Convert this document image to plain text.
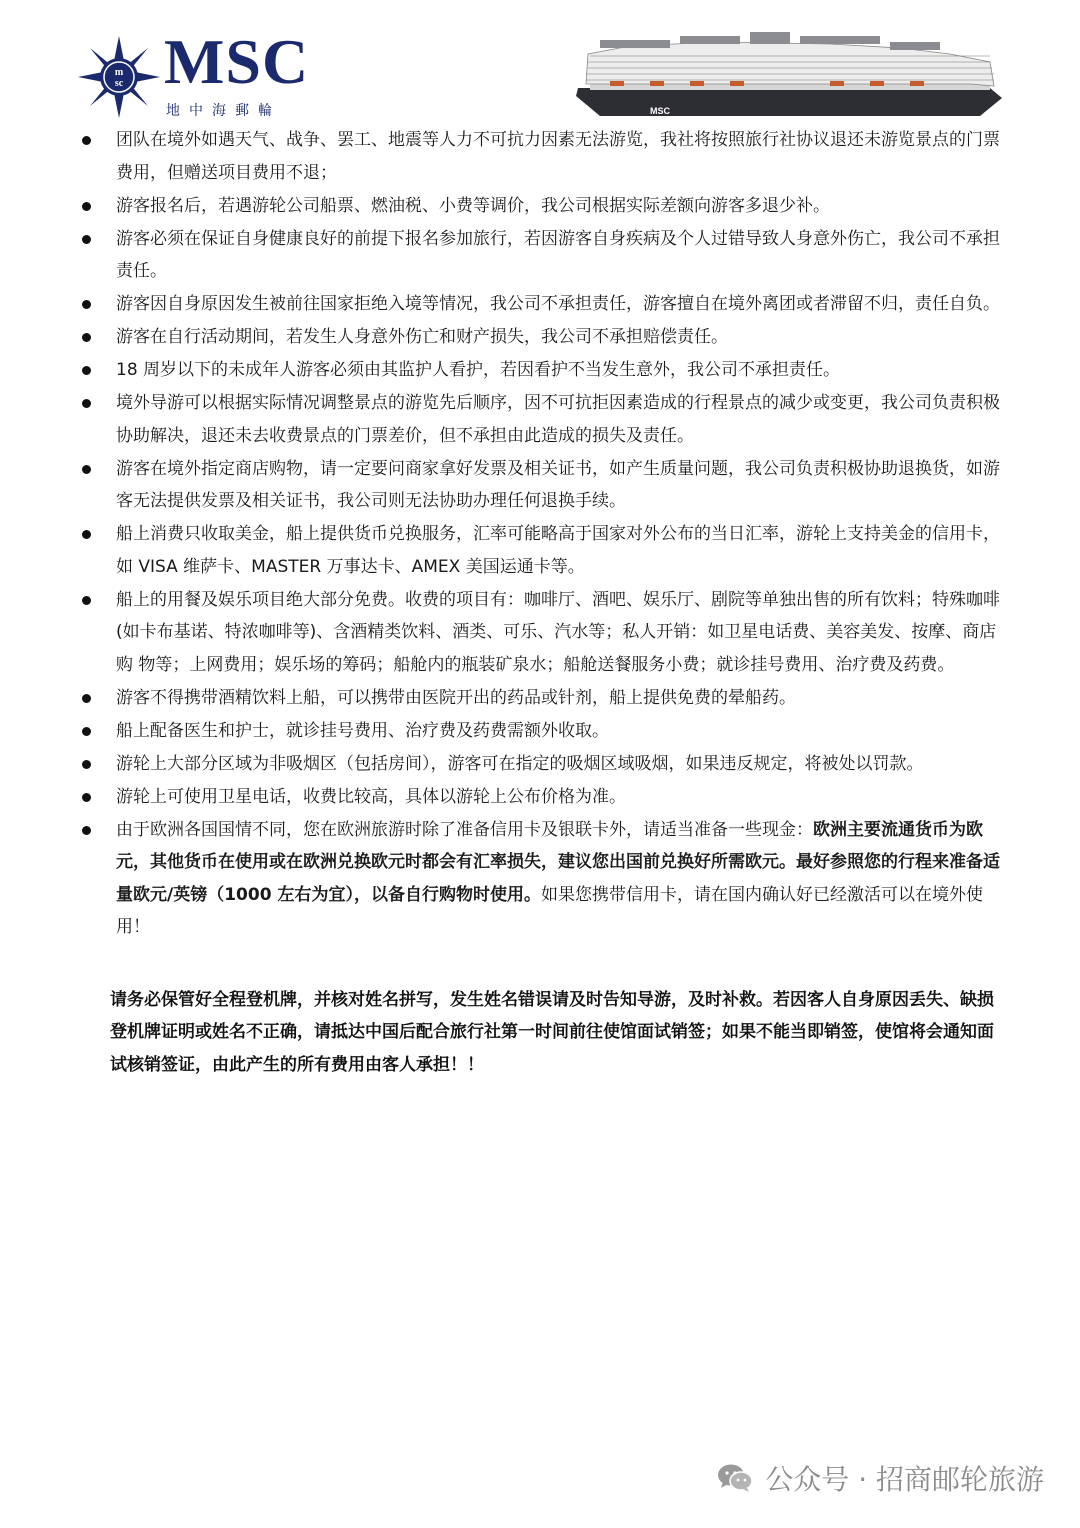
m
sc MSC
地中海郵輪	MSC
团队在境外如遇天气、战争、罢工、地震等人力不可抗力因素无法游览，我社将按照旅行社协议退还未游览景点的门票费用，但赠送项目费用不退；
游客报名后，若遇游轮公司船票、燃油税、小费等调价，我公司根据实际差额向游客多退少补。
游客必须在保证自身健康良好的前提下报名参加旅行，若因游客自身疾病及个人过错导致人身意外伤亡，我公司不承担责任。
游客因自身原因发生被前往国家拒绝入境等情况，我公司不承担责任，游客擅自在境外离团或者滞留不归，责任自负。
游客在自行活动期间，若发生人身意外伤亡和财产损失，我公司不承担赔偿责任。
18 周岁以下的未成年人游客必须由其监护人看护，若因看护不当发生意外，我公司不承担责任。
境外导游可以根据实际情况调整景点的游览先后顺序，因不可抗拒因素造成的行程景点的减少或变更，我公司负责积极协助解决，退还未去收费景点的门票差价，但不承担由此造成的损失及责任。
游客在境外指定商店购物，请一定要问商家拿好发票及相关证书，如产生质量问题，我公司负责积极协助退换货，如游客无法提供发票及相关证书，我公司则无法协助办理任何退换手续。
船上消费只收取美金，船上提供货币兑换服务，汇率可能略高于国家对外公布的当日汇率，游轮上支持美金的信用卡，如 VISA 维萨卡、MASTER 万事达卡、AMEX 美国运通卡等。
船上的用餐及娱乐项目绝大部分免费。收费的项目有：咖啡厅、酒吧、娱乐厅、剧院等单独出售的所有饮料；特殊咖啡(如卡布基诺、特浓咖啡等)、含酒精类饮料、酒类、可乐、汽水等；私人开销：如卫星电话费、美容美发、按摩、商店购 物等；上网费用；娱乐场的筹码；船舱内的瓶装矿泉水；船舱送餐服务小费；就诊挂号费用、治疗费及药费。
游客不得携带酒精饮料上船，可以携带由医院开出的药品或针剂，船上提供免费的晕船药。
船上配备医生和护士，就诊挂号费用、治疗费及药费需额外收取。
游轮上大部分区域为非吸烟区（包括房间），游客可在指定的吸烟区域吸烟，如果违反规定，将被处以罚款。
游轮上可使用卫星电话，收费比较高，具体以游轮上公布价格为准。
由于欧洲各国国情不同，您在欧洲旅游时除了准备信用卡及银联卡外，请适当准备一些现金：欧洲主要流通货币为欧元，其他货币在使用或在欧洲兑换欧元时都会有汇率损失，建议您出国前兑换好所需欧元。最好参照您的行程来准备适量欧元/英镑（1000 左右为宜），以备自行购物时使用。如果您携带信用卡，请在国内确认好已经激活可以在境外使用！
请务必保管好全程登机牌，并核对姓名拼写，发生姓名错误请及时告知导游，及时补救。若因客人自身原因丢失、缺损登机牌证明或姓名不正确，请抵达中国后配合旅行社第一时间前往使馆面试销签；如果不能当即销签，使馆将会通知面试核销签证，由此产生的所有费用由客人承担！！
公众号 · 招商邮轮旅游
